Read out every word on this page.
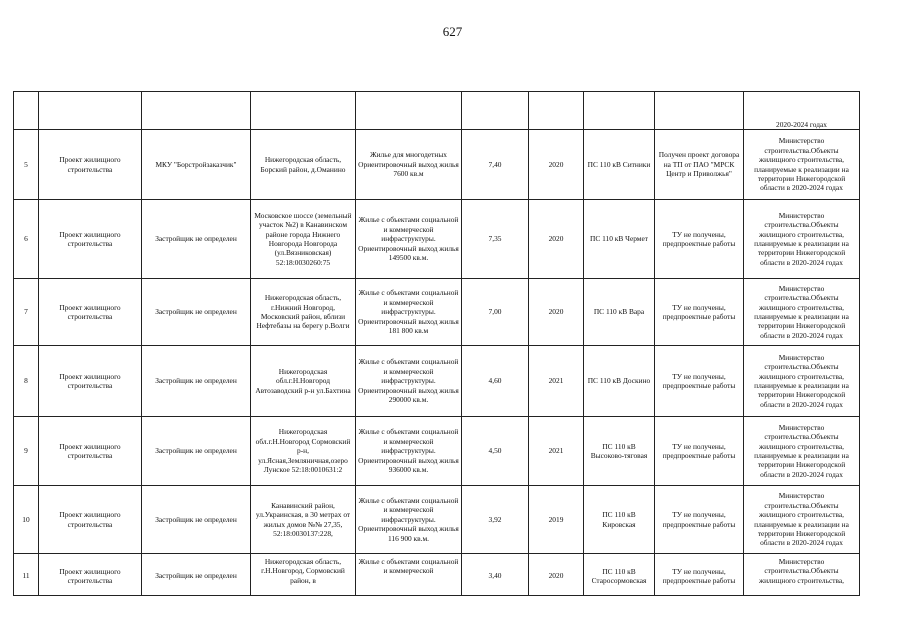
627
									2020-2024 годах
5	Проект жилищного строительства	МКУ "Борстройзаказчик"	Нижегородская область, Борский район, д.Оманино	Жилье для многодетных Ориентировочный выход жилья 7600 кв.м	7,40	2020	ПС 110 кВ Ситники	Получен проект договора на ТП от ПАО "МРСК Центр и Приволжья"	Министерство строительства.Объекты жилищного строительства, планируемые к реализации на территории Нижегородской области в 2020-2024 годах
6	Проект жилищного строительства	Застройщик не определен	Московское шоссе (земельный участок №2) в Канавинском районе города Нижнего Новгорода Новгорода (ул.Вязниковская) 52:18:0030260:75	Жилье с объектами социальной и коммерческой инфраструктуры. Ориентировочный выход жилья 149500 кв.м.	7,35	2020	ПС 110 кВ Чермет	ТУ не получены, предпроектные работы	Министерство строительства.Объекты жилищного строительства, планируемые к реализации на территории Нижегородской области в 2020-2024 годах
7	Проект жилищного строительства	Застройщик не определен	Нижегородская область, г.Нижний Новгород, Московский район, вблизи Нефтебазы на берегу р.Волги	Жилье с объектами социальной и коммерческой инфраструктуры. Ориентировочный выход жилья 181 800 кв.м	7,00	2020	ПС 110 кВ Вара	ТУ не получены, предпроектные работы	Министерство строительства.Объекты жилищного строительства, планируемые к реализации на территории Нижегородской области в 2020-2024 годах
8	Проект жилищного строительства	Застройщик не определен	Нижегородская обл.г.Н.Новгород Автозаводский р-н ул.Бахтина	Жилье с объектами социальной и коммерческой инфраструктуры. Ориентировочный выход жилья 290000 кв.м.	4,60	2021	ПС 110 кВ Доскино	ТУ не получены, предпроектные работы	Министерство строительства.Объекты жилищного строительства, планируемые к реализации на территории Нижегородской области в 2020-2024 годах
9	Проект жилищного строительства	Застройщик не определен	Нижегородская обл.г.Н.Новгород Сормовский р-н, ул.Ясная,Земляничная,озеро Лунское 52:18:0010631:2	Жилье с объектами социальной и коммерческой инфраструктуры. Ориентировочный выход жилья 936000 кв.м.	4,50	2021	ПС 110 кВ Высоково-тяговая	ТУ не получены, предпроектные работы	Министерство строительства.Объекты жилищного строительства, планируемые к реализации на территории Нижегородской области в 2020-2024 годах
10	Проект жилищного строительства	Застройщик не определен	Канавинский район, ул.Украинская, в 30 метрах от жилых домов №№ 27,35, 52:18:0030137:228,	Жилье с объектами социальной и коммерческой инфраструктуры. Ориентировочный выход жилья 116 900 кв.м.	3,92	2019	ПС 110 кВ Кировская	ТУ не получены, предпроектные работы	Министерство строительства.Объекты жилищного строительства, планируемые к реализации на территории Нижегородской области в 2020-2024 годах
11	Проект жилищного строительства	Застройщик не определен	Нижегородская область, г.Н.Новгород, Сормовский район, в	Жилье с объектами социальной и коммерческой	3,40	2020	ПС 110 кВ Старосормовская	ТУ не получены, предпроектные работы	Министерство строительства.Объекты жилищного строительства,
